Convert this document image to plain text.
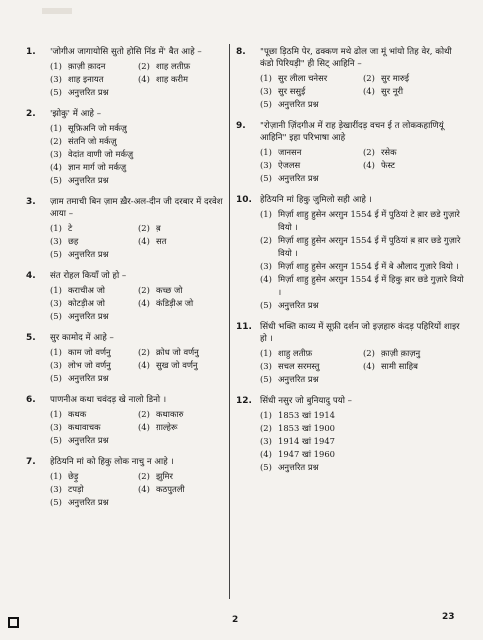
1.	'जोगीअ जागायोसि सुतो होसि निंड में' बैत आहे –
(1) क़ाज़ी क़ादन	(2) शाह लतीफ़
(3) शाह इनायत	(4) शाह करीम
(5) अनुत्तरित प्रश्न
2.	'झोकु' में आहे –
(1) सूफ़िअनि जो मर्कज़ु
(2) संतनि जो मर्कज़ु
(3) वेदांत वाणी जो मर्कज़ु
(4) ज्ञान मार्ग जो मर्कज़ु
(5) अनुत्तरित प्रश्न
3.	ज़ाम तमाची बिन ज़ाम ख़ैर-अल-दीन जी दरबार में दरवेश आया –
(1) टे	(2) ब़
(3) छह	(4) सत
(5) अनुत्तरित प्रश्न
4.	संत रोहल कियाँ जो हो –
(1) कराचीअ जो	(2) कच्छ जो
(3) कोटड़ीअ जो	(4) कंडिड़ीअ जो
(5) अनुत्तरित प्रश्न
5.	सुर कामोद में आहे –
(1) काम जो वर्णनु	(2) क्रोध जो वर्णनु
(3) लोभ जो वर्णनु	(4) सुख जो वर्णनु
(5) अनुत्तरित प्रश्न
6.	पाणनीअ कथा चवंदड़ खे नालो डिनो ।
(1) कथक	(2) कथाकारु
(3) कथावाचक	(4) ग़ाल्हेरू
(5) अनुत्तरित प्रश्न
7.	हेठियनि मां को हिकु लोक नाचु न आहे ।
(1) छेड़ु	(2) झुमिर
(3) टपड़ो	(4) कठपुतली
(5) अनुत्तरित प्रश्न
8.	"पूछा ड़िठमि पेर, ढक्कण मथे ढोल जा मूं भांयो तिह वेर, कोथी कंडो पिरियड़ी" ही सिट् आहिनि –
(1) सुर लीला चनेसर	(2) सुर मारुई
(3) सुर ससुई	(4) सुर नूरी
(5) अनुत्तरित प्रश्न
9.	"रोज़ानी ज़िंदगीअ में राह ड़ेखारींदड़ वचन ई त लोककहाणियूं आहिनि" इहा परिभाषा आहे
(1) जानसन	(2) रसेक
(3) ऐजलस	(4) फेस्ट
(5) अनुत्तरित प्रश्न
10. हेठियनि मां हिकु जुमिलो सही आहे ।
(1) मिर्ज़ा शाहु हुसेन अरग़ुन 1554 ई में पुठियां टे ब़ार छडे गुज़ारे वियो ।
(2) मिर्ज़ा शाहु हुसेन अरग़ुन 1554 ई में पुठियां ब़ ब़ार छडे गुज़ारे वियो ।
(3) मिर्ज़ा शाहु हुसेन अरग़ुन 1554 ई में बे औलाद गुज़ारे वियो ।
(4) मिर्ज़ा शाहु हुसेन अरग़ुन 1554 ई में हिकु ब़ार छडे गुज़ारे वियो ।
(5) अनुत्तरित प्रश्न
11. सिंधी भक्ति काव्य में सूफ़ी दर्शन जो इज़हारु कंदड़ पहिरियों शाइर हो ।
(1) शाहु लतीफ़	(2) क़ाज़ी क़ाज़नु
(3) सचल सरमस्तु	(4) सामी साहिब
(5) अनुत्तरित प्रश्न
12. सिंधी नसुर जो बुनियादु पयो –
(1) 1853 खां 1914
(2) 1853 खां 1900
(3) 1914 खां 1947
(4) 1947 खां 1960
(5) अनुत्तरित प्रश्न
2	23
